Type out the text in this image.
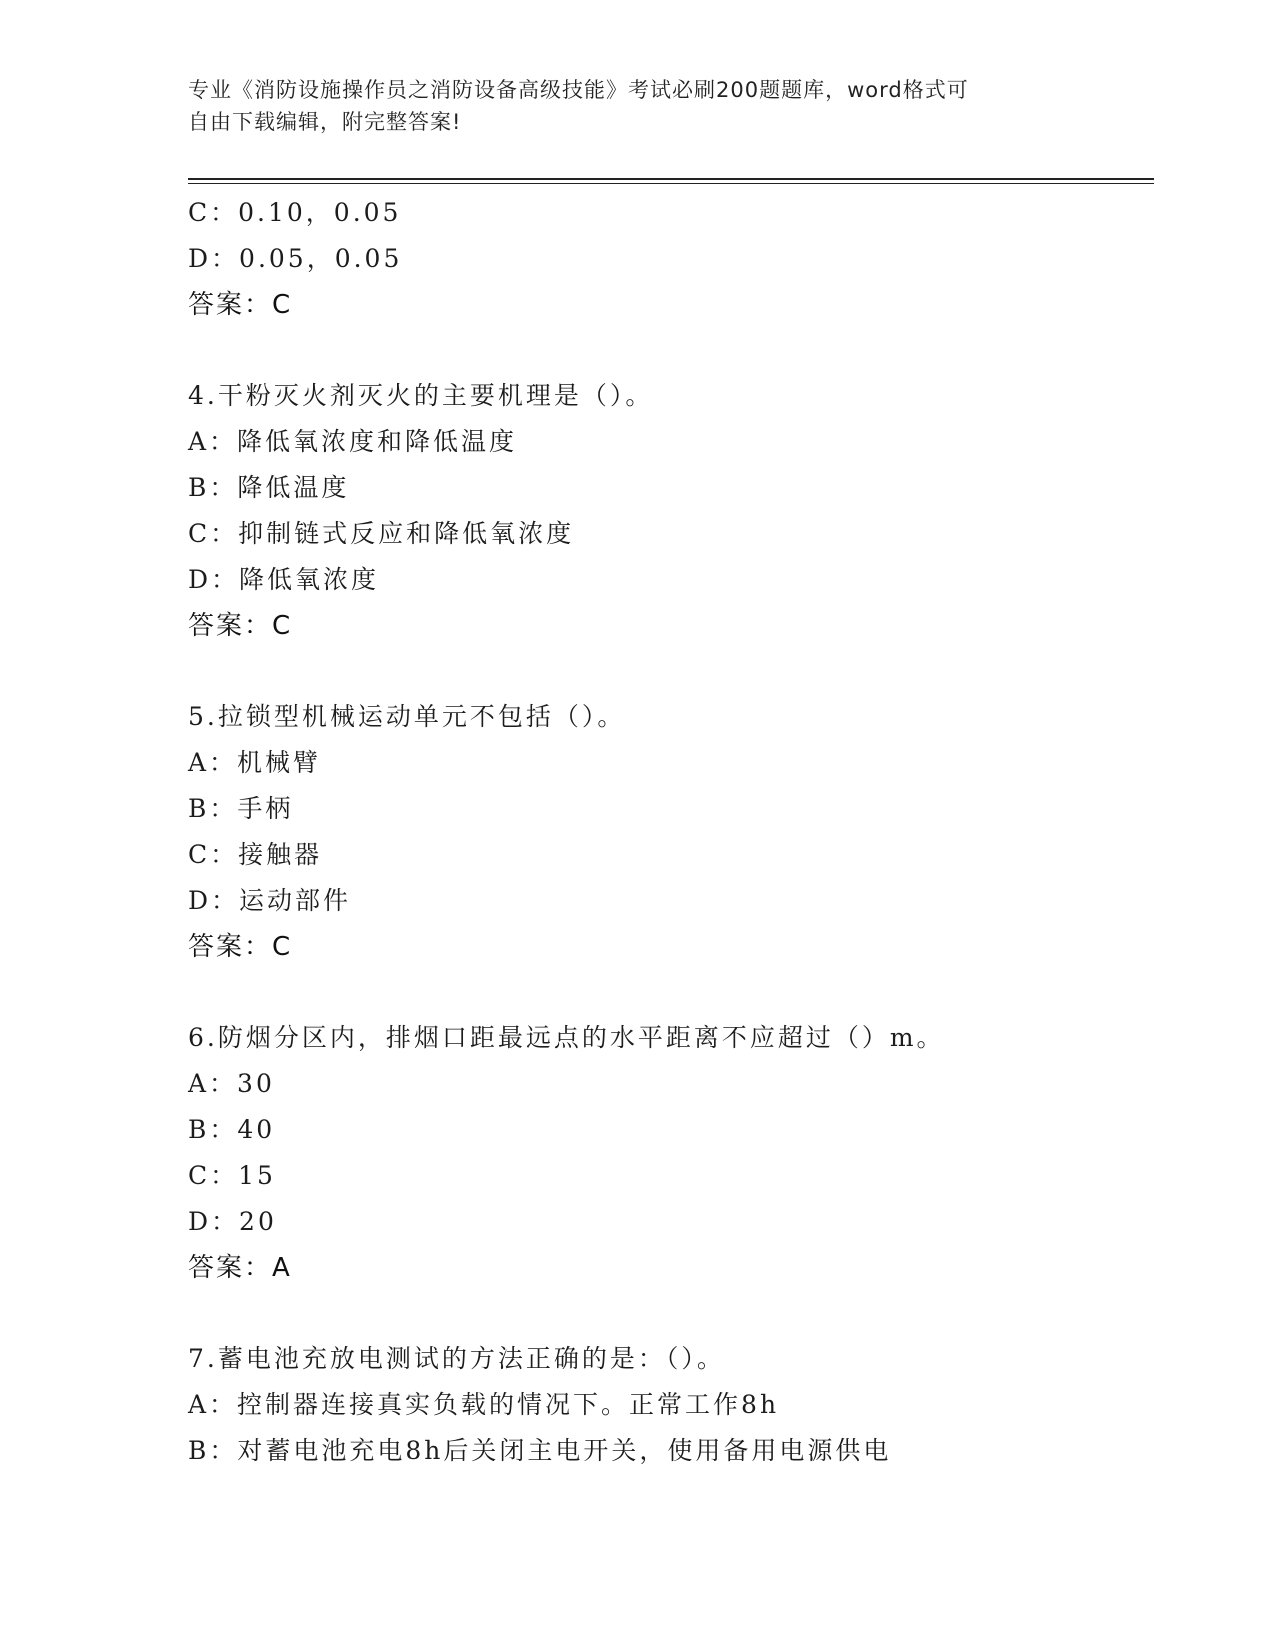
专业《消防设施操作员之消防设备高级技能》考试必刷200题题库，word格式可
自由下载编辑，附完整答案!
C：0.10，0.05
D：0.05，0.05
答案：C
4.干粉灭火剂灭火的主要机理是（）。
A：降低氧浓度和降低温度
B：降低温度
C：抑制链式反应和降低氧浓度
D：降低氧浓度
答案：C
5.拉锁型机械运动单元不包括（）。
A：机械臂
B：手柄
C：接触器
D：运动部件
答案：C
6.防烟分区内，排烟口距最远点的水平距离不应超过（）m。
A：30
B：40
C：15
D：20
答案：A
7.蓄电池充放电测试的方法正确的是：（）。
A：控制器连接真实负载的情况下。正常工作8h
B：对蓄电池充电8h后关闭主电开关，使用备用电源供电
